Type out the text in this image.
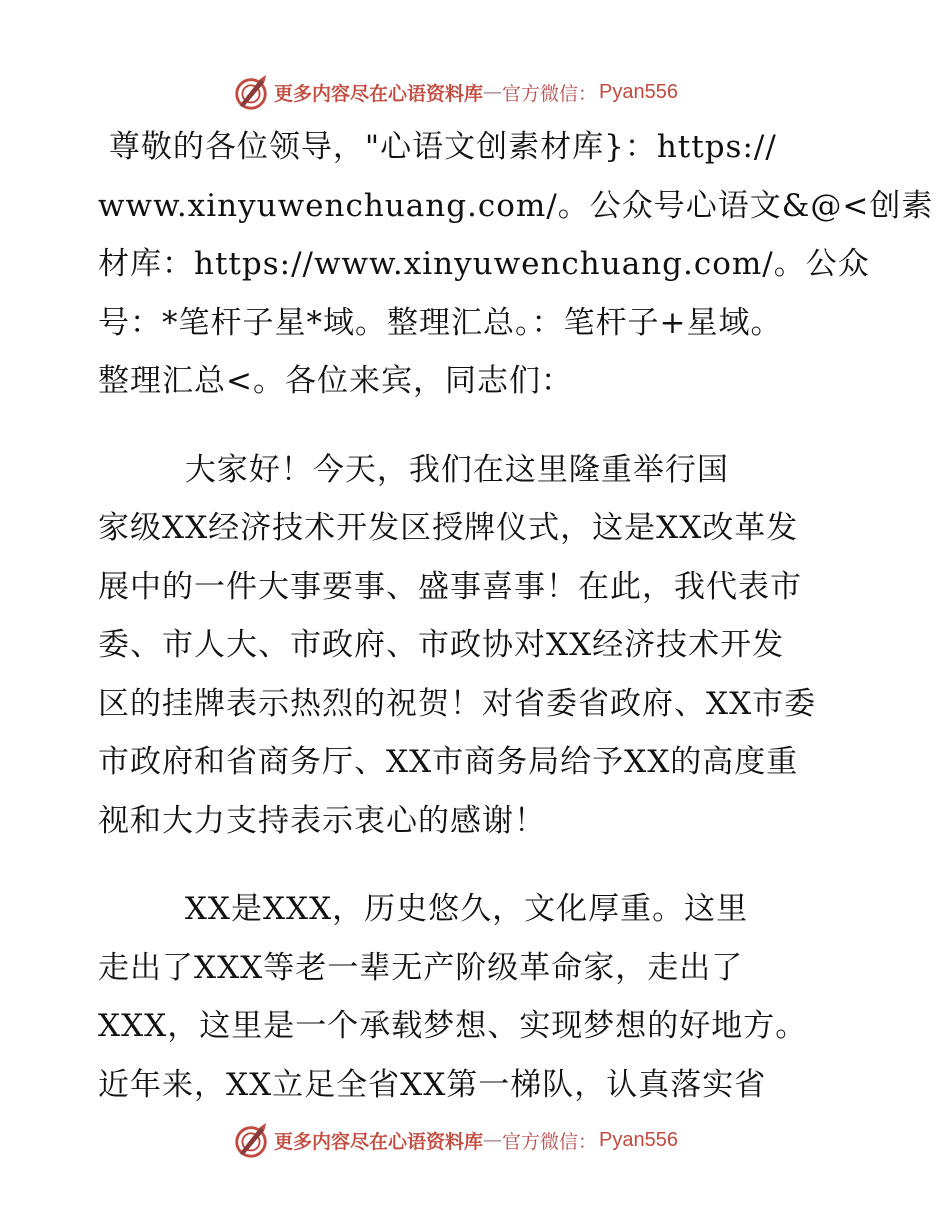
更多内容尽在心语资料库 — 官方微信： Pyan556
尊敬的各位领导，"心语文创素材库}：https://
www.xinyuwenchuang.com/。公众号心语文&@<创素
材库：https://www.xinyuwenchuang.com/。公众
号：*笔杆子星*域。整理汇总。：笔杆子+星域。
整理汇总<。各位来宾，同志们：
大家好！今天，我们在这里隆重举行国
家级XX经济技术开发区授牌仪式，这是XX改革发
展中的一件大事要事、盛事喜事！在此，我代表市
委、市人大、市政府、市政协对XX经济技术开发
区的挂牌表示热烈的祝贺！对省委省政府、XX市委
市政府和省商务厅、XX市商务局给予XX的高度重
视和大力支持表示衷心的感谢！
XX是XXX，历史悠久，文化厚重。这里
走出了XXX等老一辈无产阶级革命家，走出了
XXX，这里是一个承载梦想、实现梦想的好地方。
近年来，XX立足全省XX第一梯队，认真落实省
更多内容尽在心语资料库 — 官方微信： Pyan556
